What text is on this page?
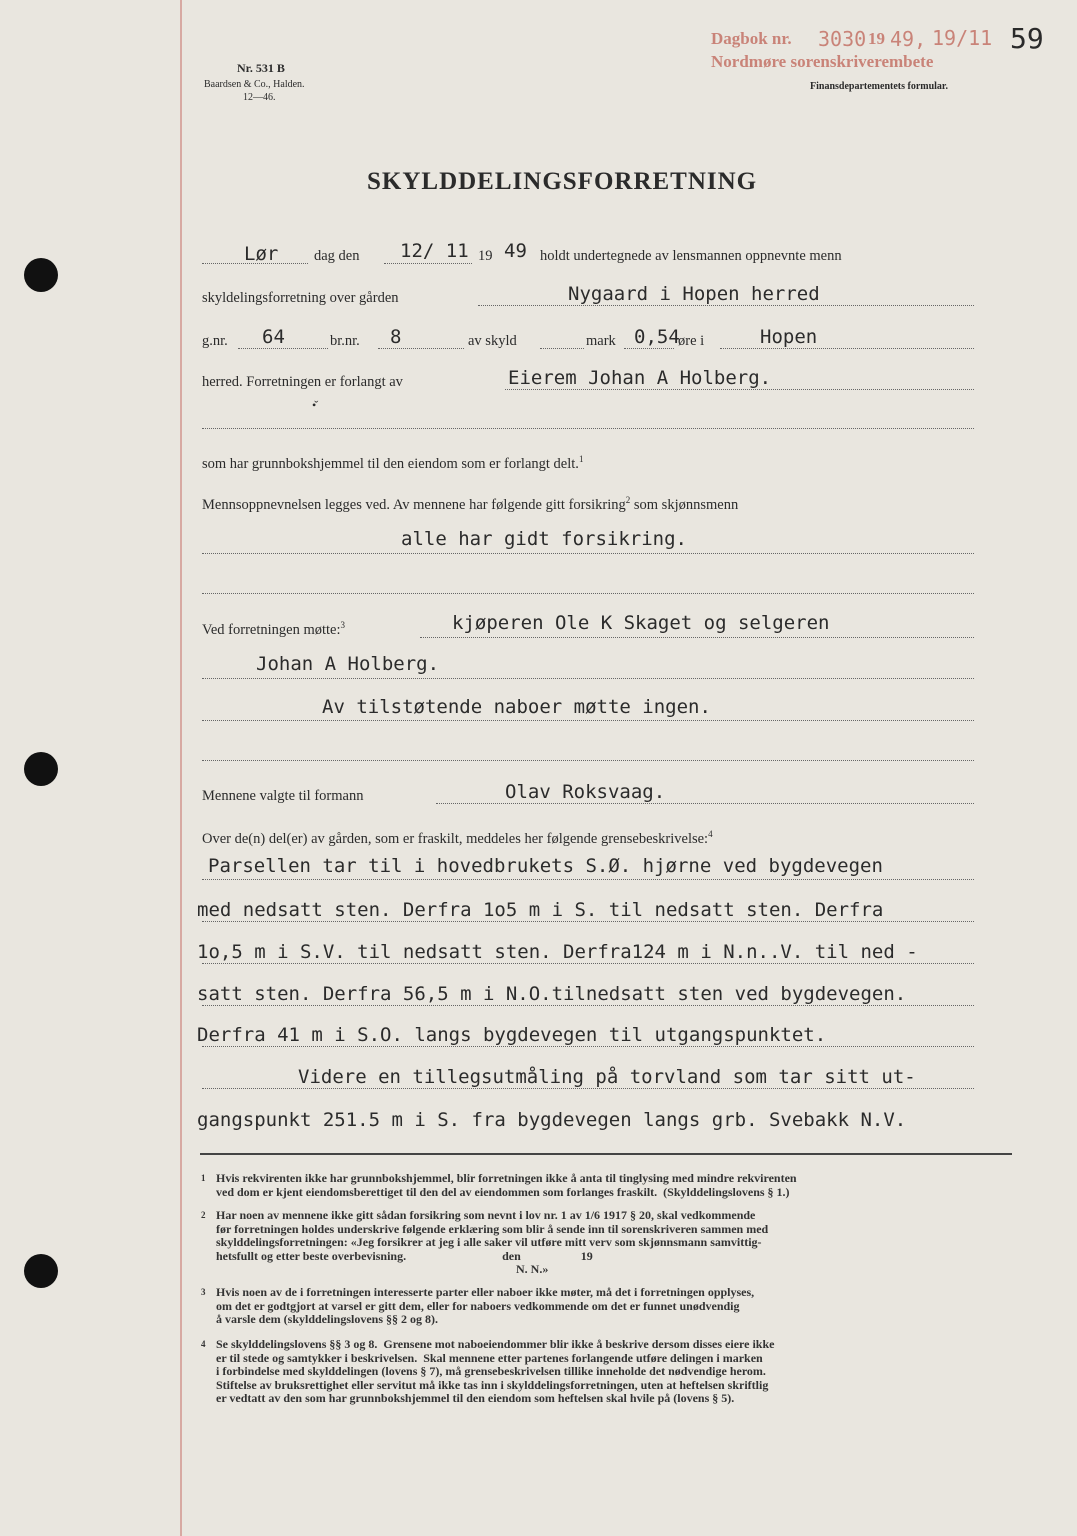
Nr. 531 B
Baardsen & Co., Halden.
12—46.
Dagbok nr. 3030 19 49, 19/11 59
Nordmøre sorenskriverembete
Finansdepartementets formular.
SKYLDDELINGSFORRETNING
Lør dag den 12/ 11 19 49 holdt undertegnede av lensmannen oppnevnte menn
skyldelingsforretning over gården	Nygaard i Hopen herred
g.nr. 64	br.nr. 8	av skyld	mark 0,54
øre i	Hopen
herred. Forretningen er forlangt av	Eierem Johan A Holberg.
•̌
som har grunnbokshjemmel til den eiendom som er forlangt delt.$^1$
Mennsoppnevnelsen legges ved. Av mennene har følgende gitt forsikring$^2$ som skjønnsmenn
alle har gidt forsikring.
Ved forretningen møtte:$^3$	kjøperen Ole K Skaget og selgeren
Johan A Holberg.
Av tilstøtende naboer møtte ingen.
Mennene valgte til formann	Olav Roksvaag.
Over de(n) del(er) av gården, som er fraskilt, meddeles her følgende grensebeskrivelse:$^4$
Parsellen tar til i hovedbrukets S.Ø. hjørne ved bygdevegen
med nedsatt sten. Derfra 1o5 m i S. til nedsatt sten. Derfra
1o,5 m i S.V. til nedsatt sten. Derfra124 m i N.n..V. til ned -
satt sten. Derfra 56,5 m i N.O.tilnedsatt sten ved bygdevegen.
Derfra 41 m i S.O. langs bygdevegen til utgangspunktet.
Videre en tillegsutmåling på torvland som tar sitt ut-
gangspunkt 251.5 m i S. fra bygdevegen langs grb. Svebakk N.V.
1 Hvis rekvirenten ikke har grunnbokshjemmel, blir forretningen ikke å anta til tinglysing med mindre rekvirenten
ved dom er kjent eiendomsberettiget til den del av eiendommen som forlanges fraskilt.  (Skylddelingslovens § 1.)
2 Har noen av mennene ikke gitt sådan forsikring som nevnt i lov nr. 1 av 1/6 1917 § 20, skal vedkommende
før forretningen holdes underskrive følgende erklæring som blir å sende inn til sorenskriveren sammen med
skylddelingsforretningen: «Jeg forsikrer at jeg i alle saker vil utføre mitt verv som skjønnsmann samvittig-
hetsfullt og etter beste overbevisning.                                den                    19
N. N.»
3 Hvis noen av de i forretningen interesserte parter eller naboer ikke møter, må det i forretningen opplyses,
om det er godtgjort at varsel er gitt dem, eller for naboers vedkommende om det er funnet unødvendig
å varsle dem (skylddelingslovens §§ 2 og 8).
4 Se skylddelingslovens §§ 3 og 8.  Grensene mot naboeiendommer blir ikke å beskrive dersom disses eiere ikke
er til stede og samtykker i beskrivelsen.  Skal mennene etter partenes forlangende utføre delingen i marken
i forbindelse med skylddelingen (lovens § 7), må grensebeskrivelsen tillike inneholde det nødvendige herom.
Stiftelse av bruksrettighet eller servitut må ikke tas inn i skylddelingsforretningen, uten at heftelsen skriftlig
er vedtatt av den som har grunnbokshjemmel til den eiendom som heftelsen skal hvile på (lovens § 5).
